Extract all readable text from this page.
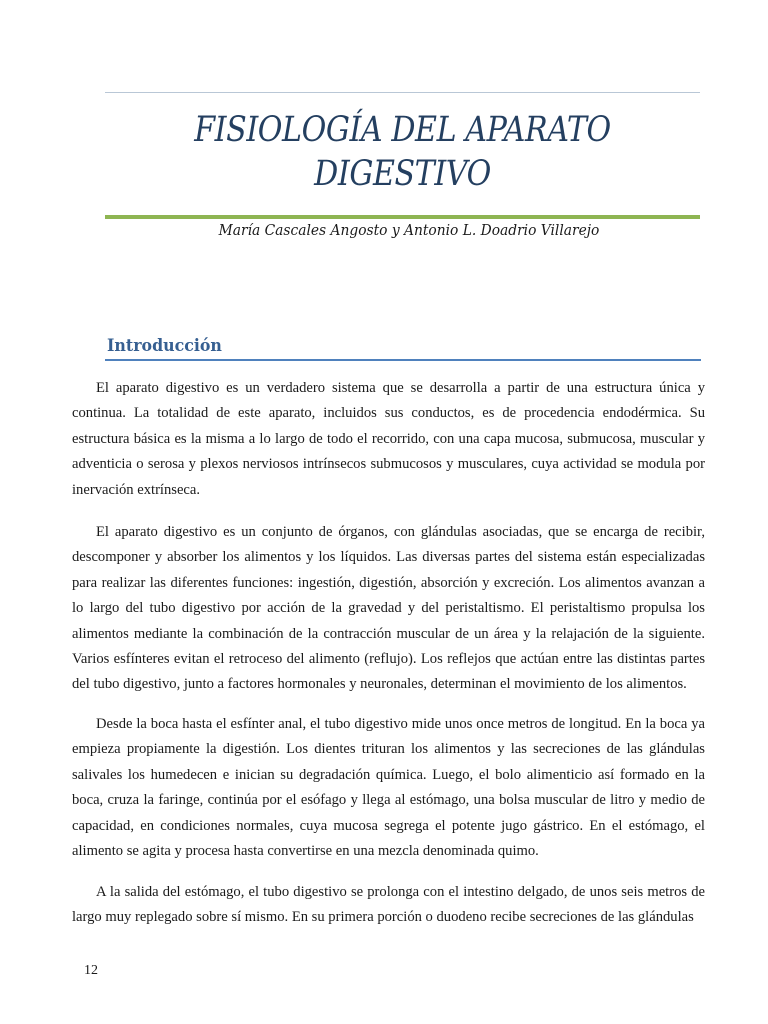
FISIOLOGÍA DEL APARATO
DIGESTIVO
María Cascales Angosto y Antonio L. Doadrio Villarejo
Introducción

El aparato digestivo es un verdadero sistema que se desarrolla a partir de una estructura única y continua. La totalidad de este aparato, incluidos sus conductos, es de procedencia endodérmica. Su estructura básica es la misma a lo largo de todo el recorrido, con una capa mucosa, submucosa, muscular y adventicia o serosa y plexos nerviosos intrínsecos submucosos y musculares, cuya actividad se modula por inervación extrínseca.

El aparato digestivo es un conjunto de órganos, con glándulas asociadas, que se encarga de recibir, descomponer y absorber los alimentos y los líquidos. Las diversas partes del sistema están especializadas para realizar las diferentes funciones: ingestión, digestión, absorción y excreción. Los alimentos avanzan a lo largo del tubo digestivo por acción de la gravedad y del peristaltismo. El peristaltismo propulsa los alimentos mediante la combinación de la contracción muscular de un área y la relajación de la siguiente. Varios esfínteres evitan el retroceso del alimento (reflujo). Los reflejos que actúan entre las distintas partes del tubo digestivo, junto a factores hormonales y neuronales, determinan el movimiento de los alimentos.

Desde la boca hasta el esfínter anal, el tubo digestivo mide unos once metros de longitud. En la boca ya empieza propiamente la digestión. Los dientes trituran los alimentos y las secreciones de las glándulas salivales los humedecen e inician su degradación química. Luego, el bolo alimenticio así formado en la boca, cruza la faringe, continúa por el esófago y llega al estómago, una bolsa muscular de litro y medio de capacidad, en condiciones normales, cuya mucosa segrega el potente jugo gástrico. En el estómago, el alimento se agita y procesa hasta convertirse en una mezcla denominada quimo.

A la salida del estómago, el tubo digestivo se prolonga con el intestino delgado, de unos seis metros de largo muy replegado sobre sí mismo. En su primera porción o duodeno recibe secreciones de las glándulas

12
